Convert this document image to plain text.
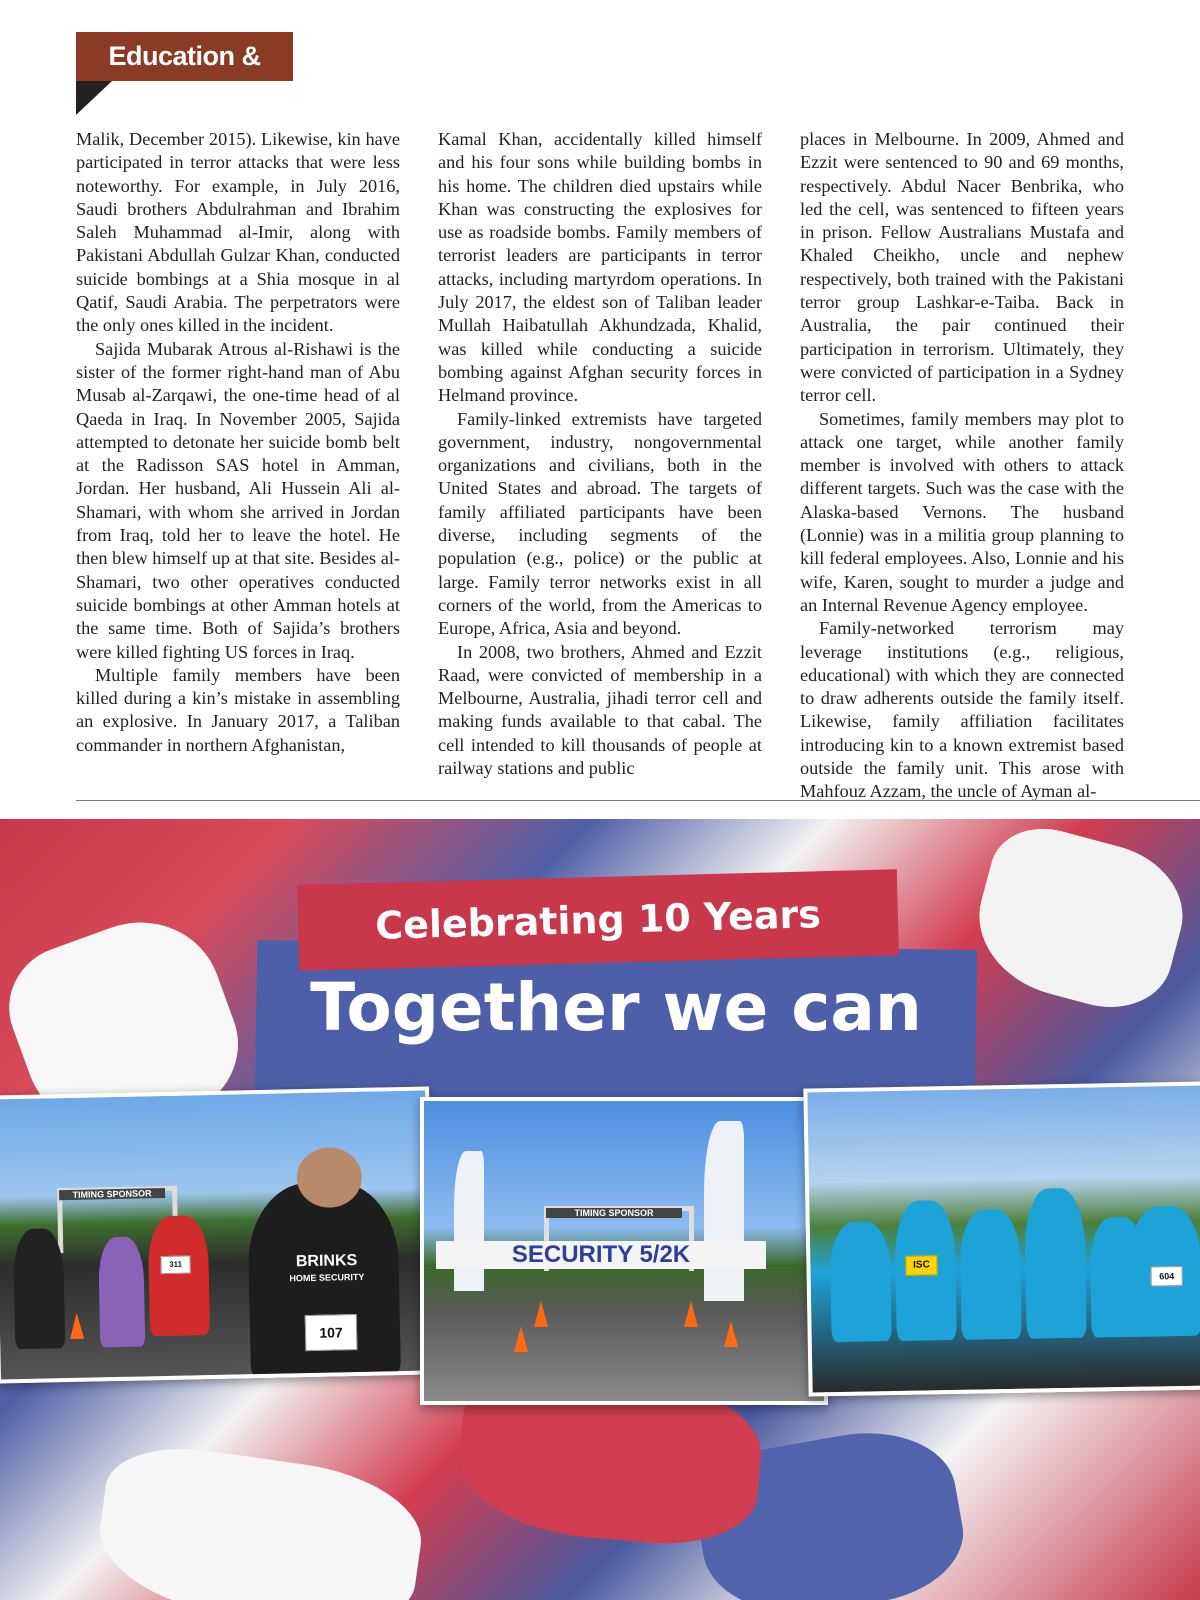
Education & Training

Malik, December 2015). Likewise, kin have participated in terror attacks that were less noteworthy. For example, in July 2016, Saudi brothers Abdulrahman and Ibrahim Saleh Muhammad al-Imir, along with Pakistani Abdullah Gulzar Khan, conducted suicide bombings at a Shia mosque in al Qatif, Saudi Arabia. The perpetrators were the only ones killed in the incident.

Sajida Mubarak Atrous al-Rishawi is the sister of the former right-hand man of Abu Musab al-Zarqawi, the one-time head of al Qaeda in Iraq. In November 2005, Sajida attempted to detonate her suicide bomb belt at the Radisson SAS hotel in Amman, Jordan. Her husband, Ali Hussein Ali al-Shamari, with whom she arrived in Jordan from Iraq, told her to leave the hotel. He then blew himself up at that site. Besides al-Shamari, two other operatives conducted suicide bombings at other Amman hotels at the same time. Both of Sajida’s brothers were killed fighting US forces in Iraq.

Multiple family members have been killed during a kin’s mistake in assembling an explosive. In January 2017, a Taliban commander in northern Afghanistan,

Kamal Khan, accidentally killed himself and his four sons while building bombs in his home. The children died upstairs while Khan was constructing the explosives for use as roadside bombs. Family members of terrorist leaders are participants in terror attacks, including martyrdom operations. In July 2017, the eldest son of Taliban leader Mullah Haibatullah Akhundzada, Khalid, was killed while conducting a suicide bombing against Afghan security forces in Helmand province.

Family-linked extremists have targeted government, industry, nongovernmental organizations and civilians, both in the United States and abroad. The targets of family affiliated participants have been diverse, including segments of the population (e.g., police) or the public at large. Family terror networks exist in all corners of the world, from the Americas to Europe, Africa, Asia and beyond.

In 2008, two brothers, Ahmed and Ezzit Raad, were convicted of membership in a Melbourne, Australia, jihadi terror cell and making funds available to that cabal. The cell intended to kill thousands of people at railway stations and public

places in Melbourne. In 2009, Ahmed and Ezzit were sentenced to 90 and 69 months, respectively. Abdul Nacer Benbrika, who led the cell, was sentenced to fifteen years in prison. Fellow Australians Mustafa and Khaled Cheikho, uncle and nephew respectively, both trained with the Pakistani terror group Lashkar-e-Taiba. Back in Australia, the pair continued their participation in terrorism. Ultimately, they were convicted of participation in a Sydney terror cell.

Sometimes, family members may plot to attack one target, while another family member is involved with others to attack different targets. Such was the case with the Alaska-based Vernons. The husband (Lonnie) was in a militia group planning to kill federal employees. Also, Lonnie and his wife, Karen, sought to murder a judge and an Internal Revenue Agency employee.

Family-networked terrorism may leverage institutions (e.g., religious, educational) with which they are connected to draw adherents outside the family itself. Likewise, family affiliation facilitates introducing kin to a known extremist based outside the family unit. This arose with Mahfouz Azzam, the uncle of Ayman al-

Celebrating 10 Years
Together we can
TIMING SPONSOR
BRINKS
HOME SECURITY
107
311
TIMING SPONSOR
SECURITY 5/2K	ISC
604
